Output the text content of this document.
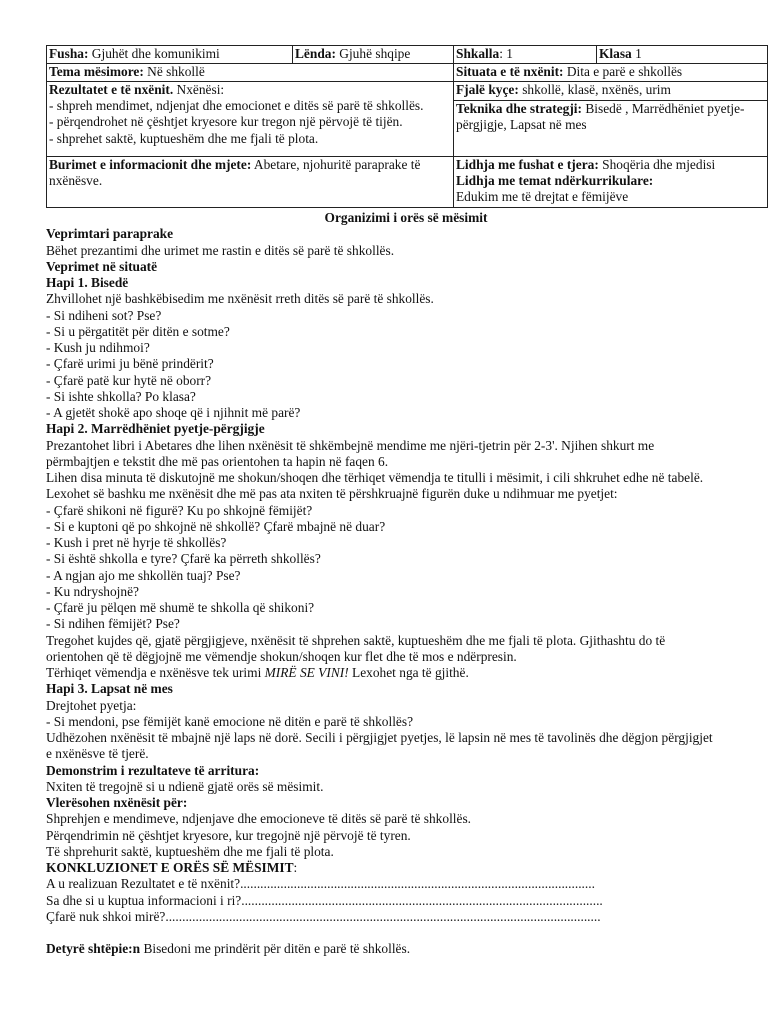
Fusha: Gjuhët dhe komunikimi	Lënda: Gjuhë shqipe	Shkalla: 1	Klasa 1
Tema mësimore: Në shkollë		Situata e të nxënit: Dita e parë e shkollës	

Rezultatet e të nxënit. Nxënësi:
- shpreh mendimet, ndjenjat dhe emocionet e ditës së parë të shkollës.
- përqendrohet në çështjet kryesore kur tregon një përvojë të tijën.
- shprehet saktë, kuptueshëm dhe me fjali të plota.		Fjalë kyçe: shkollë, klasë, nxënës, urim	
		Teknika dhe strategji: Bisedë , Marrëdhëniet pyetje-përgjigje, Lapsat në mes	
Burimet e informacionit dhe mjete: Abetare, njohuritë paraprake të nxënësve.		Lidhja me fushat e tjera: Shoqëria dhe mjedisi
Lidhja me temat ndërkurrikulare:
Edukim me të drejtat e fëmijëve	
Organizimi i orës së mësimit
Veprimtari paraprake
Bëhet prezantimi dhe urimet me rastin e ditës së parë të shkollës.
Veprimet në situatë
Hapi 1. Bisedë
Zhvillohet një bashkëbisedim me nxënësit rreth ditës së parë të shkollës.
- Si ndiheni sot? Pse?
- Si u përgatitët për ditën e sotme?
- Kush ju ndihmoi?
- Çfarë urimi ju bënë prindërit?
- Çfarë patë kur hytë në oborr?
- Si ishte shkolla? Po klasa?
- A gjetët shokë apo shoqe që i njihnit më parë?
Hapi 2. Marrëdhëniet pyetje-përgjigje
Prezantohet libri i Abetares dhe lihen nxënësit të shkëmbejnë mendime me njëri-tjetrin për 2-3'. Njihen shkurt me
përmbajtjen e tekstit dhe më pas orientohen ta hapin në faqen 6.
Lihen disa minuta të diskutojnë me shokun/shoqen dhe tërhiqet vëmendja te titulli i mësimit, i cili shkruhet edhe në tabelë.
Lexohet së bashku me nxënësit dhe më pas ata nxiten të përshkruajnë figurën duke u ndihmuar me pyetjet:
- Çfarë shikoni në figurë? Ku po shkojnë fëmijët?
- Si e kuptoni që po shkojnë në shkollë? Çfarë mbajnë në duar?
- Kush i pret në hyrje të shkollës?
- Si është shkolla e tyre? Çfarë ka përreth shkollës?
- A ngjan ajo me shkollën tuaj? Pse?
- Ku ndryshojnë?
- Çfarë ju pëlqen më shumë te shkolla që shikoni?
- Si ndihen fëmijët? Pse?
Tregohet kujdes që, gjatë përgjigjeve, nxënësit të shprehen saktë, kuptueshëm dhe me fjali të plota. Gjithashtu do të
orientohen që të dëgjojnë me vëmendje shokun/shoqen kur flet dhe të mos e ndërpresin.
Tërhiqet vëmendja e nxënësve tek urimi MIRË SE VINI! Lexohet nga të gjithë.
Hapi 3. Lapsat në mes
Drejtohet pyetja:
- Si mendoni, pse fëmijët kanë emocione në ditën e parë të shkollës?
Udhëzohen nxënësit të mbajnë një laps në dorë. Secili i përgjigjet pyetjes, lë lapsin në mes të tavolinës dhe dëgjon përgjigjet
e nxënësve të tjerë.
Demonstrim i rezultateve të arritura:
Nxiten të tregojnë si u ndienë gjatë orës së mësimit.
Vlerësohen nxënësit për:
Shprehjen e mendimeve, ndjenjave dhe emocioneve të ditës së parë të shkollës.
Përqendrimin në çështjet kryesore, kur tregojnë një përvojë të tyren.
Të shprehurit saktë, kuptueshëm dhe me fjali të plota.
KONKLUZIONET E ORËS SË MËSIMIT:
A u realizuan Rezultatet e të nxënit?..........................................................................................................
Sa dhe si u kuptua informacioni i ri?............................................................................................................
Çfarë nuk shkoi mirë?..................................................................................................................................
Detyrë shtëpie:n Bisedoni me prindërit për ditën e parë të shkollës.
